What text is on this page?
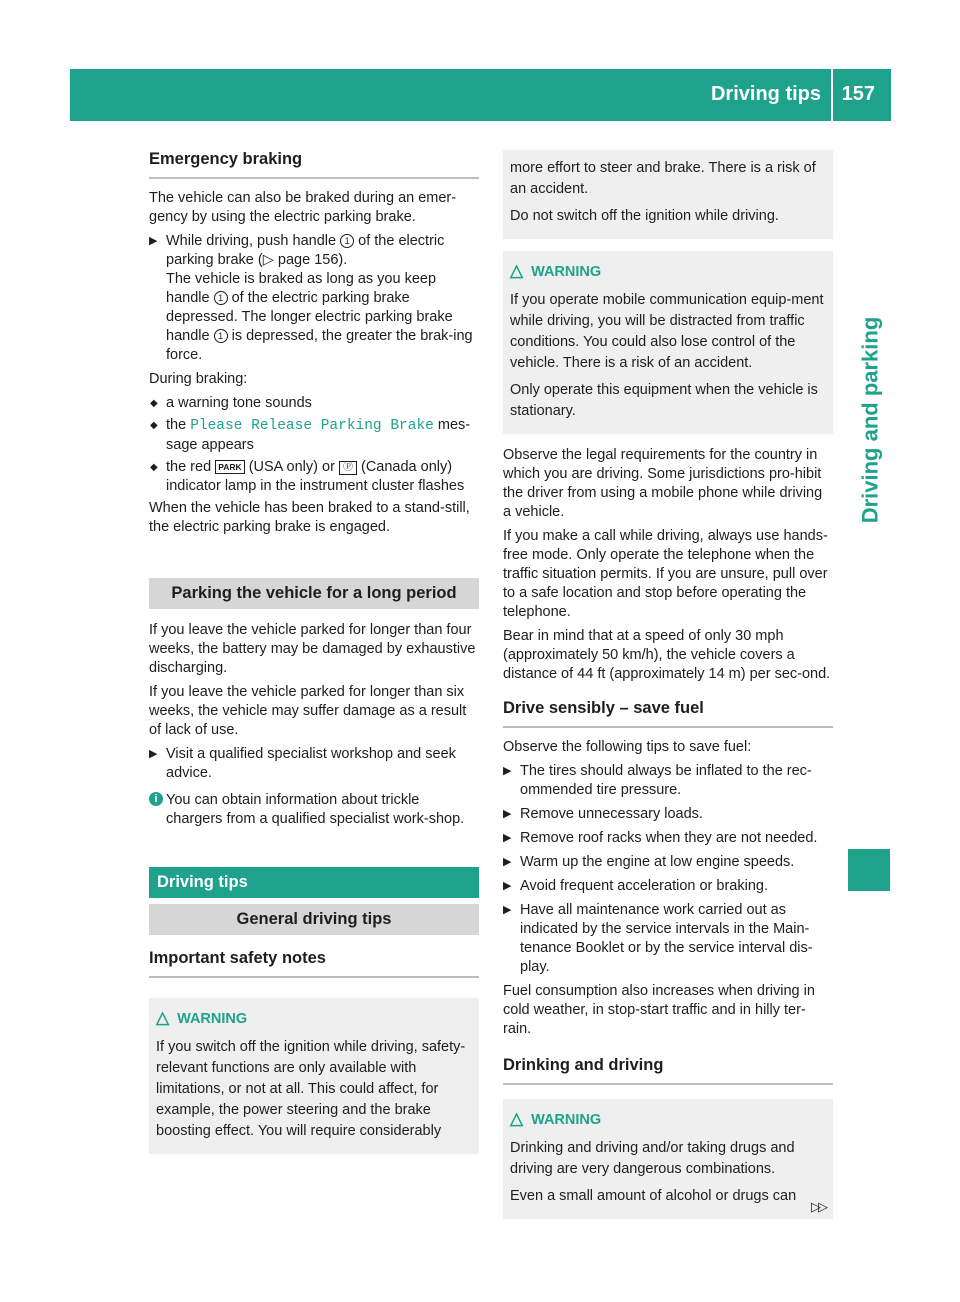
Driving tips 157
Driving and parking
Emergency braking

The vehicle can also be braked during an emer-gency by using the electric parking brake.

▶ While driving, push handle 1 of the electric parking brake (▷ page 156).
The vehicle is braked as long as you keep handle 1 of the electric parking brake depressed. The longer electric parking brake handle 1 is depressed, the greater the brak-ing force.

During braking:

◆ a warning tone sounds
◆ the Please Release Parking Brake mes-sage appears
◆ the red PARK (USA only) or Ⓟ (Canada only) indicator lamp in the instrument cluster flashes

When the vehicle has been braked to a stand-still, the electric parking brake is engaged.

Parking the vehicle for a long period

If you leave the vehicle parked for longer than four weeks, the battery may be damaged by exhaustive discharging.

If you leave the vehicle parked for longer than six weeks, the vehicle may suffer damage as a result of lack of use.

▶ Visit a qualified specialist workshop and seek advice.
i You can obtain information about trickle chargers from a qualified specialist work-shop.
Driving tips
General driving tips
Important safety notes
△ WARNING

If you switch off the ignition while driving, safety-relevant functions are only available with limitations, or not at all. This could affect, for example, the power steering and the brake boosting effect. You will require considerably

more effort to steer and brake. There is a risk of an accident.

Do not switch off the ignition while driving.

△ WARNING

If you operate mobile communication equip-ment while driving, you will be distracted from traffic conditions. You could also lose control of the vehicle. There is a risk of an accident.

Only operate this equipment when the vehicle is stationary.

Observe the legal requirements for the country in which you are driving. Some jurisdictions pro-hibit the driver from using a mobile phone while driving a vehicle.

If you make a call while driving, always use hands-free mode. Only operate the telephone when the traffic situation permits. If you are unsure, pull over to a safe location and stop before operating the telephone.

Bear in mind that at a speed of only 30 mph (approximately 50 km/h), the vehicle covers a distance of 44 ft (approximately 14 m) per sec-ond.

Drive sensibly – save fuel

Observe the following tips to save fuel:

▶ The tires should always be inflated to the rec-ommended tire pressure.
▶ Remove unnecessary loads.
▶ Remove roof racks when they are not needed.
▶ Warm up the engine at low engine speeds.
▶ Avoid frequent acceleration or braking.
▶ Have all maintenance work carried out as indicated by the service intervals in the Main-tenance Booklet or by the service interval dis-play.

Fuel consumption also increases when driving in cold weather, in stop-start traffic and in hilly ter-rain.

Drinking and driving
△ WARNING

Drinking and driving and/or taking drugs and driving are very dangerous combinations.

Even a small amount of alcohol or drugs can

▷▷
